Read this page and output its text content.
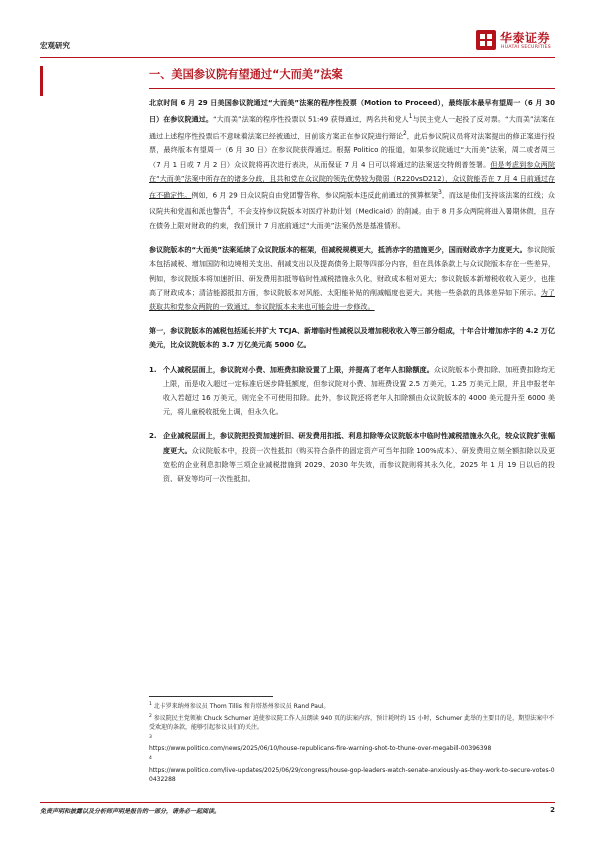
宏观研究
华泰证券
HUATAI SECURITIES
一、美国参议院有望通过“大而美”法案

北京时间 6 月 29 日美国参议院通过“大而美”法案的程序性投票（Motion to Proceed），最终版本最早有望周一（6 月 30 日）在参议院通过。“大而美”法案的程序性投票以 51:49 获得通过，两名共和党人$^1$与民主党人一起投了反对票。“大而美”法案在通过上述程序性投票后不意味着法案已经被通过，目前该方案正在参议院进行辩论$^2$，此后参议院议员将对法案提出的修正案进行投票，最终版本有望周一（6 月 30 日）在参议院获得通过。根据 Politico 的报道，如果参议院通过“大而美”法案，周二或者周三（7 月 1 日或 7 月 2 日）众议院将再次进行表决，从而保证 7 月 4 日可以将通过的法案送交特朗普签署。但是考虑到参众两院在“大而美”法案中所存在的诸多分歧，且共和党在众议院的领先优势较为微弱（R220vsD212），众议院能否在 7 月 4 日前通过存在不确定性。例如，6 月 29 日众议院自由党团警告称，参议院版本违反此前通过的预算框架$^3$，而这是他们支持该法案的红线；众议院共和党温和派也警告$^4$，不会支持参议院版本对医疗补助计划（Medicaid）的削减。由于 8 月多众两院将进入暑期休假，且存在债务上限对财政的约束，我们预计 7 月底前通过“大而美”法案仍然是基准情形。

参议院版本的“大而美”法案延续了众议院版本的框架，但减税规模更大，抵消赤字的措施更少，国而财政赤字力度更大。参议院版本包括减税、增加国防和边境相关支出、削减支出以及提高债务上限等四部分内容，但在具体条款上与众议院版本存在一些差异，例如，参议院版本将加速折旧、研发费用扣抵等临时性减税措施永久化，财政成本相对更大；参议院版本新增税收收入更少，也推高了财政成本；清洁能源抵扣方面，参议院版本对风能、太阳能补贴的削减幅度也更大。其他一些条款的具体差异如下所示。为了获取共和党参众两院的一致通过，参议院版本未来也可能会进一步修改。

第一，参议院版本的减税包括延长并扩大 TCJA、新增临时性减税以及增加税收收入等三部分组成，十年合计增加赤字的 4.2 万亿美元，比众议院版本的 3.7 万亿美元高 5000 亿。

1. 个人减税层面上，参议院对小费、加班费扣除设置了上限，并提高了老年人扣除额度。众议院版本小费扣除、加班费扣除均无上限，而是收入超过一定标准后逐步降低额度，但参议院对小费、加班费设置 2.5 万美元，1.25 万美元上限，并且申报老年收入若超过 16 万美元，则完全不可使用扣除。此外，参议院还将老年人扣除额由众议院版本的 4000 美元提升至 6000 美元，将儿童税收抵免上调，但永久化。

2. 企业减税层面上，参议院把投资加速折旧、研发费用扣抵、利息扣除等众议院版本中临时性减税措施永久化，较众议院扩张幅度更大。众议院版本中，投资一次性抵扣（购买符合条件的固定资产可当年扣除 100%成本）、研发费用立刻全额扣除以及更宽松的企业利息扣除等三项企业减税措施到 2029、2030 年失效，而参议院则将其永久化，2025 年 1 月 19 日以后的投资、研发等均可一次性抵扣。

$^1$ 北卡罗来纳州参议员 Thom Tillis 和肯塔基州参议员 Rand Paul。

$^2$ 参议院民主党领袖 Chuck Schumer 迫使参议院工作人员朗读 940 页的法案内容，预计耗时约 15 小时，Schumer 此举的主要目的是，期望法案中不受欢迎的条款，能够引起参议员们的关注。

$^3$
https://www.politico.com/news/2025/06/10/house-republicans-fire-warning-shot-to-thune-over-megabill-00396398

$^4$
https://www.politico.com/live-updates/2025/06/29/congress/house-gop-leaders-watch-senate-anxiously-as-they-work-to-secure-votes-00432288

免责声明和披露以及分析师声明是报告的一部分，请务必一起阅读。	2
